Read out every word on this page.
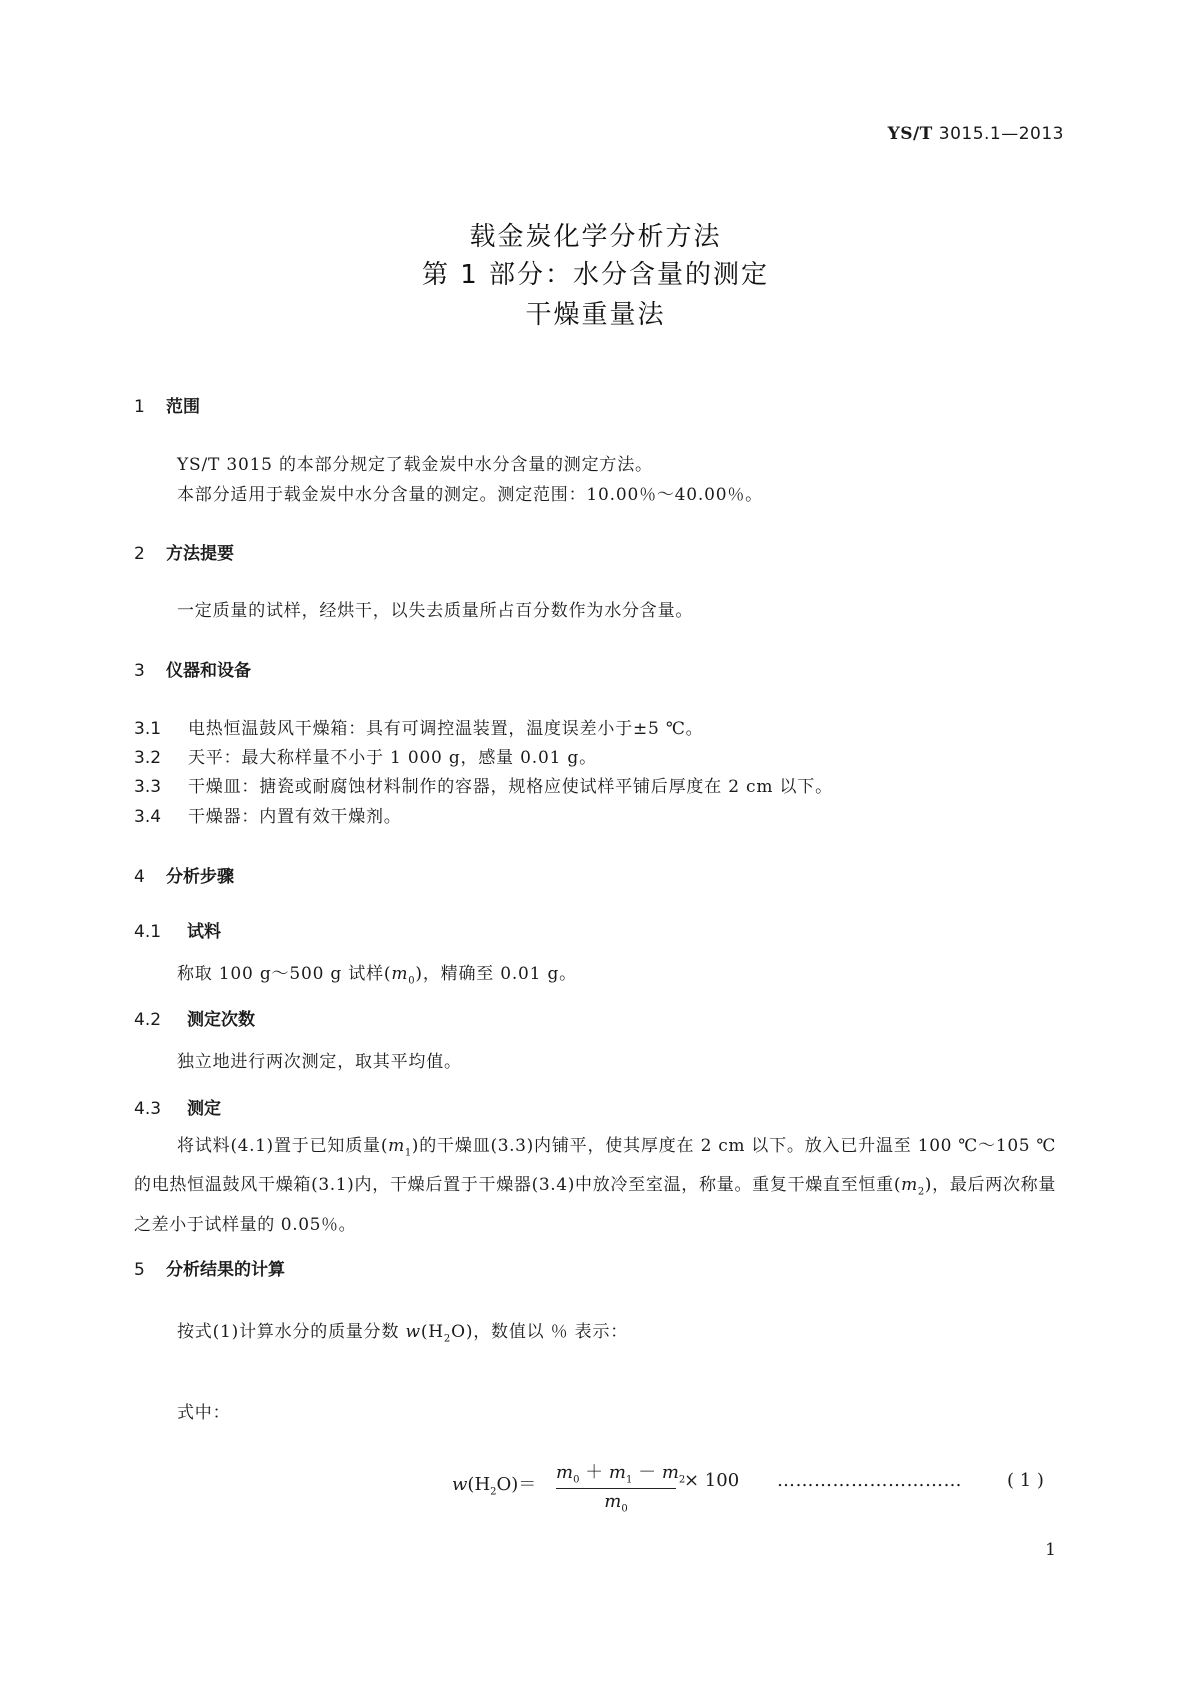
YS/T 3015.1—2013
载金炭化学分析方法
第 1 部分：水分含量的测定
干燥重量法
1 范围
YS/T 3015 的本部分规定了载金炭中水分含量的测定方法。
本部分适用于载金炭中水分含量的测定。测定范围：10.00％～40.00％。
2 方法提要
一定质量的试样，经烘干，以失去质量所占百分数作为水分含量。
3 仪器和设备
3.1 电热恒温鼓风干燥箱：具有可调控温装置，温度误差小于±5 ℃。
3.2 天平：最大称样量不小于 1 000 g，感量 0.01 g。
3.3 干燥皿：搪瓷或耐腐蚀材料制作的容器，规格应使试样平铺后厚度在 2 cm 以下。
3.4 干燥器：内置有效干燥剂。
4 分析步骤
4.1 试料
称取 100 g～500 g 试样$(m_0)$，精确至 0.01 g。
4.2 测定次数
独立地进行两次测定，取其平均值。
4.3 测定
将试料(4.1)置于已知质量$(m_1)$的干燥皿(3.3)内铺平，使其厚度在 2 cm 以下。放入已升温至 100 ℃～105 ℃的电热恒温鼓风干燥箱(3.1)内，干燥后置于干燥器(3.4)中放冷至室温，称量。重复干燥直至恒重$(m_2)$，最后两次称量之差小于试样量的 0.05％。
5 分析结果的计算
按式(1)计算水分的质量分数 $w(H_2O)$，数值以 ％ 表示：
$w(H_2O)=$
$m_0 + m_1 - m_2$
$m_0$
× 100 …………………………	( 1 )
式中：
1
